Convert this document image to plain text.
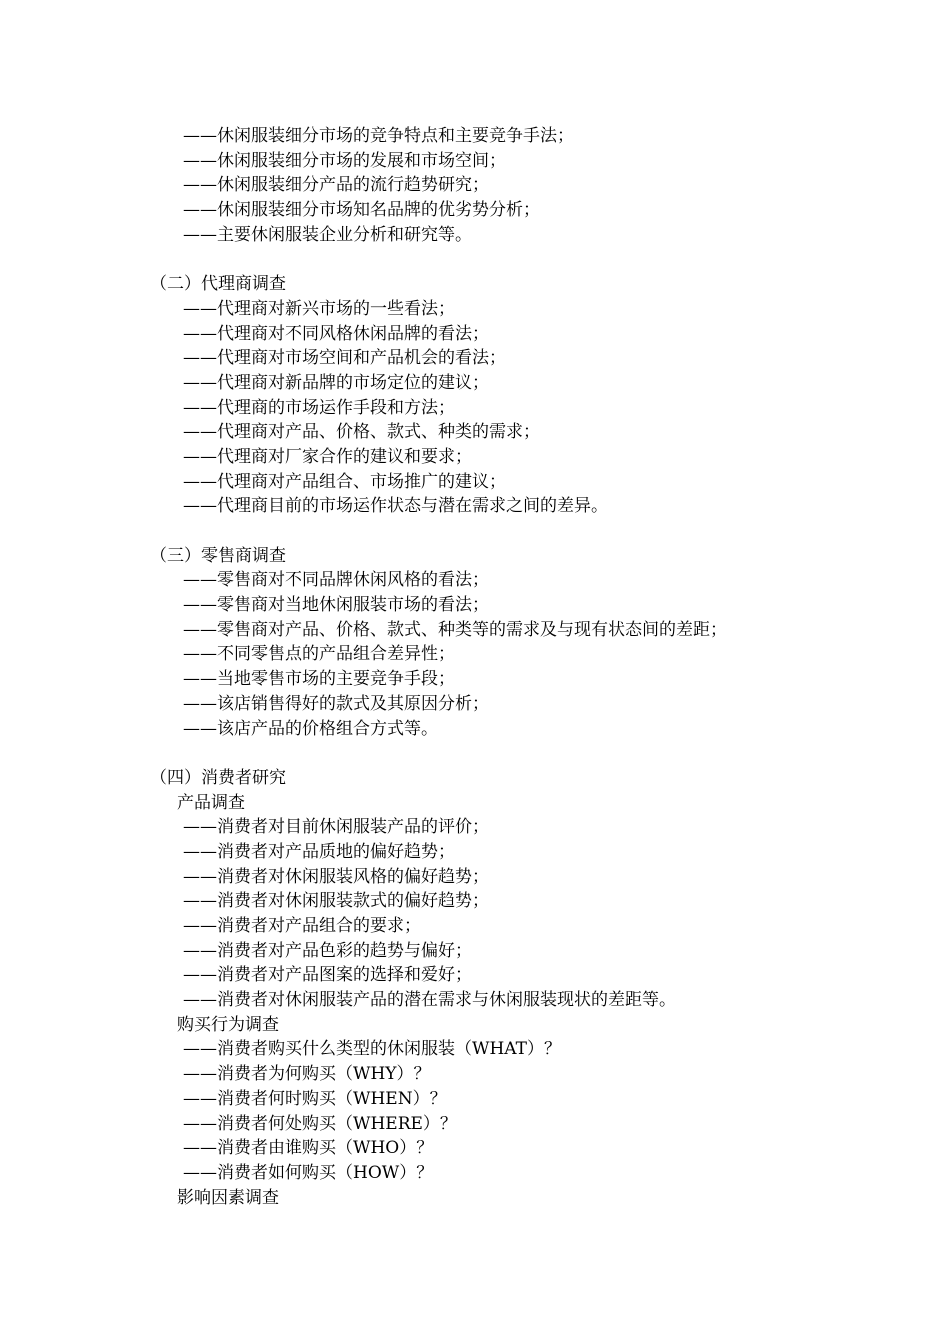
——休闲服装细分市场的竞争特点和主要竞争手法；
——休闲服装细分市场的发展和市场空间；
——休闲服装细分产品的流行趋势研究；
——休闲服装细分市场知名品牌的优劣势分析；
——主要休闲服装企业分析和研究等。
（二）代理商调查
——代理商对新兴市场的一些看法；
——代理商对不同风格休闲品牌的看法；
——代理商对市场空间和产品机会的看法；
——代理商对新品牌的市场定位的建议；
——代理商的市场运作手段和方法；
——代理商对产品、价格、款式、种类的需求；
——代理商对厂家合作的建议和要求；
——代理商对产品组合、市场推广的建议；
——代理商目前的市场运作状态与潜在需求之间的差异。
（三）零售商调查
——零售商对不同品牌休闲风格的看法；
——零售商对当地休闲服装市场的看法；
——零售商对产品、价格、款式、种类等的需求及与现有状态间的差距；
——不同零售点的产品组合差异性；
——当地零售市场的主要竞争手段；
——该店销售得好的款式及其原因分析；
——该店产品的价格组合方式等。
（四）消费者研究
产品调查
——消费者对目前休闲服装产品的评价；
——消费者对产品质地的偏好趋势；
——消费者对休闲服装风格的偏好趋势；
——消费者对休闲服装款式的偏好趋势；
——消费者对产品组合的要求；
——消费者对产品色彩的趋势与偏好；
——消费者对产品图案的选择和爱好；
——消费者对休闲服装产品的潜在需求与休闲服装现状的差距等。
购买行为调查
——消费者购买什么类型的休闲服装（WHAT）？
——消费者为何购买（WHY）？
——消费者何时购买（WHEN）？
——消费者何处购买（WHERE）？
——消费者由谁购买（WHO）？
——消费者如何购买（HOW）？
影响因素调查
